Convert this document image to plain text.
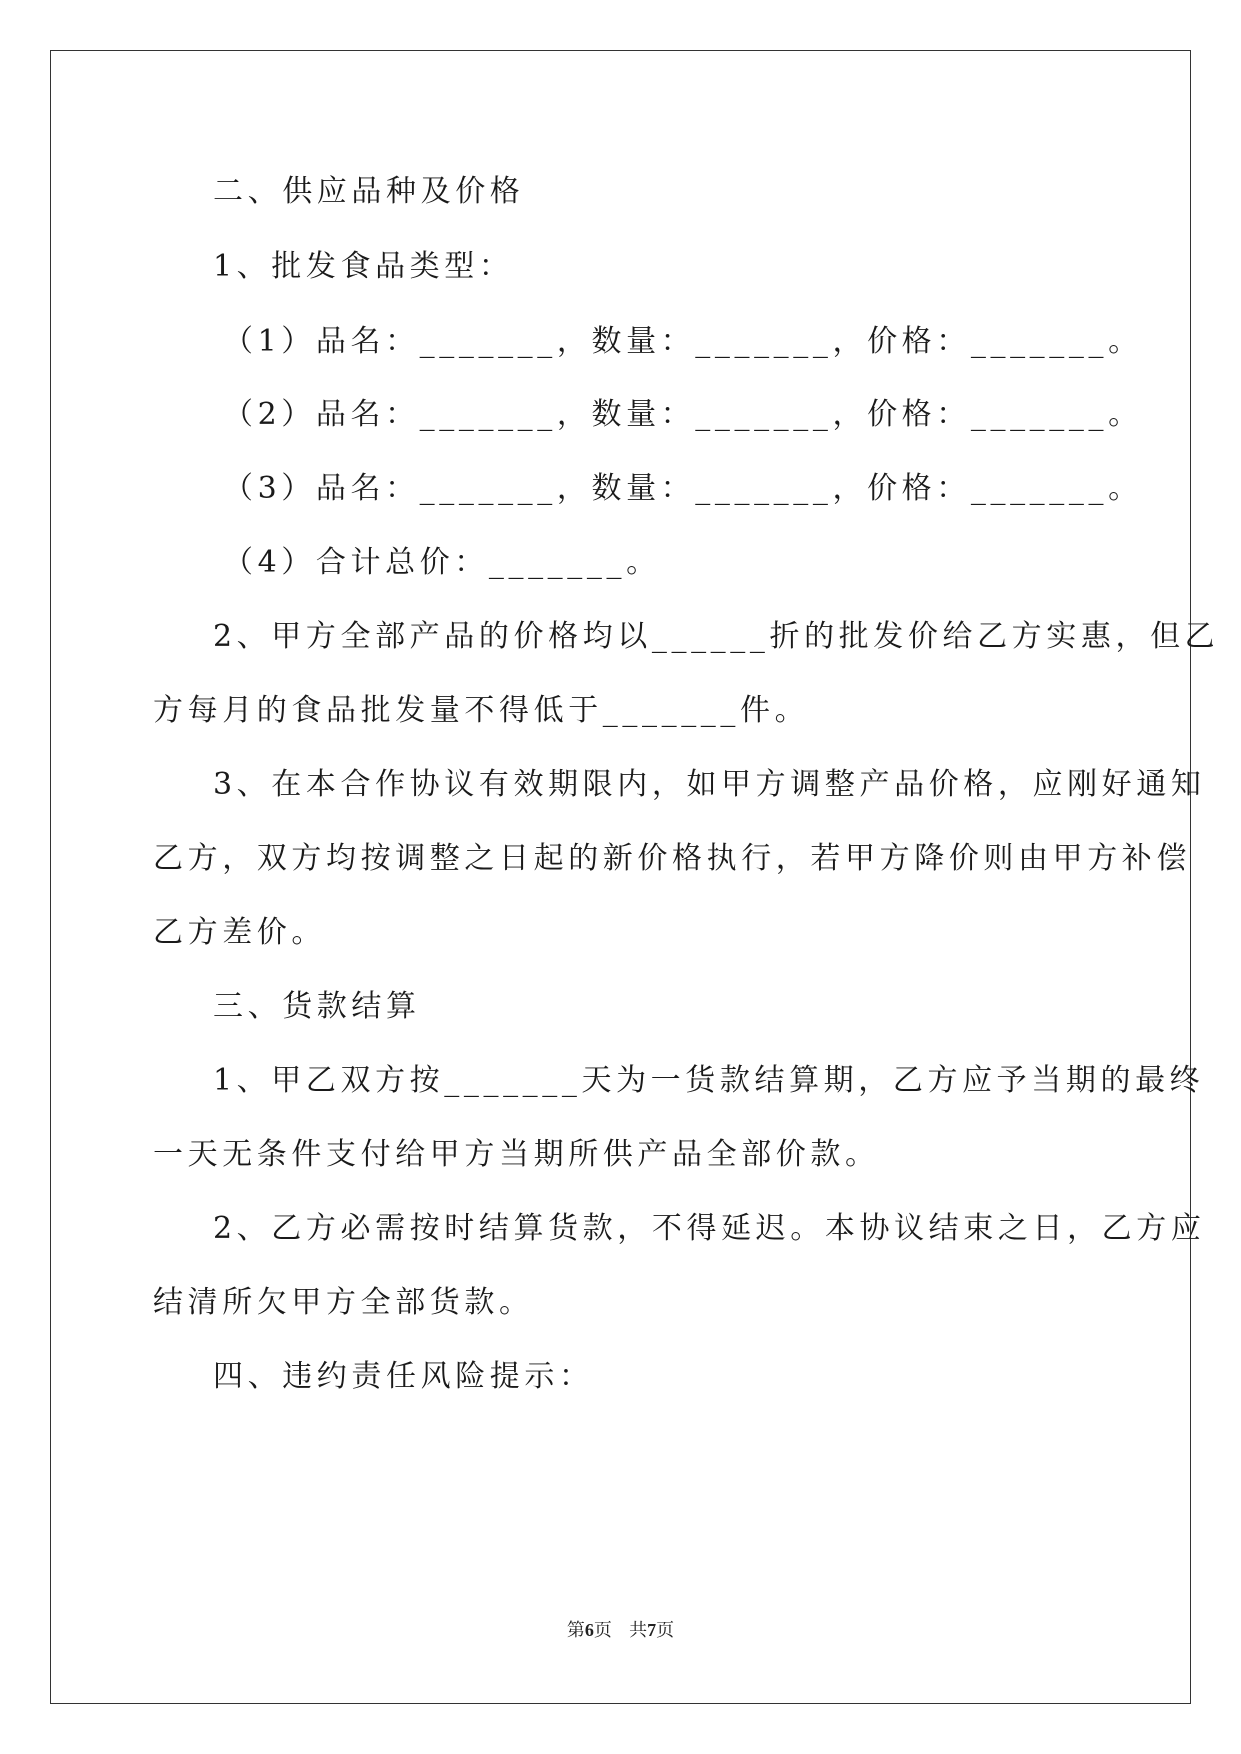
二、供应品种及价格
1、批发食品类型：
（1）品名：_______，数量：_______，价格：_______。
（2）品名：_______，数量：_______，价格：_______。
（3）品名：_______，数量：_______，价格：_______。
（4）合计总价：_______。
2、甲方全部产品的价格均以______折的批发价给乙方实惠，但乙
方每月的食品批发量不得低于_______件。
3、在本合作协议有效期限内，如甲方调整产品价格，应刚好通知
乙方，双方均按调整之日起的新价格执行，若甲方降价则由甲方补偿
乙方差价。
三、货款结算
1、甲乙双方按_______天为一货款结算期，乙方应予当期的最终
一天无条件支付给甲方当期所供产品全部价款。
2、乙方必需按时结算货款，不得延迟。本协议结束之日，乙方应
结清所欠甲方全部货款。
四、违约责任风险提示：
第6页 共7页
